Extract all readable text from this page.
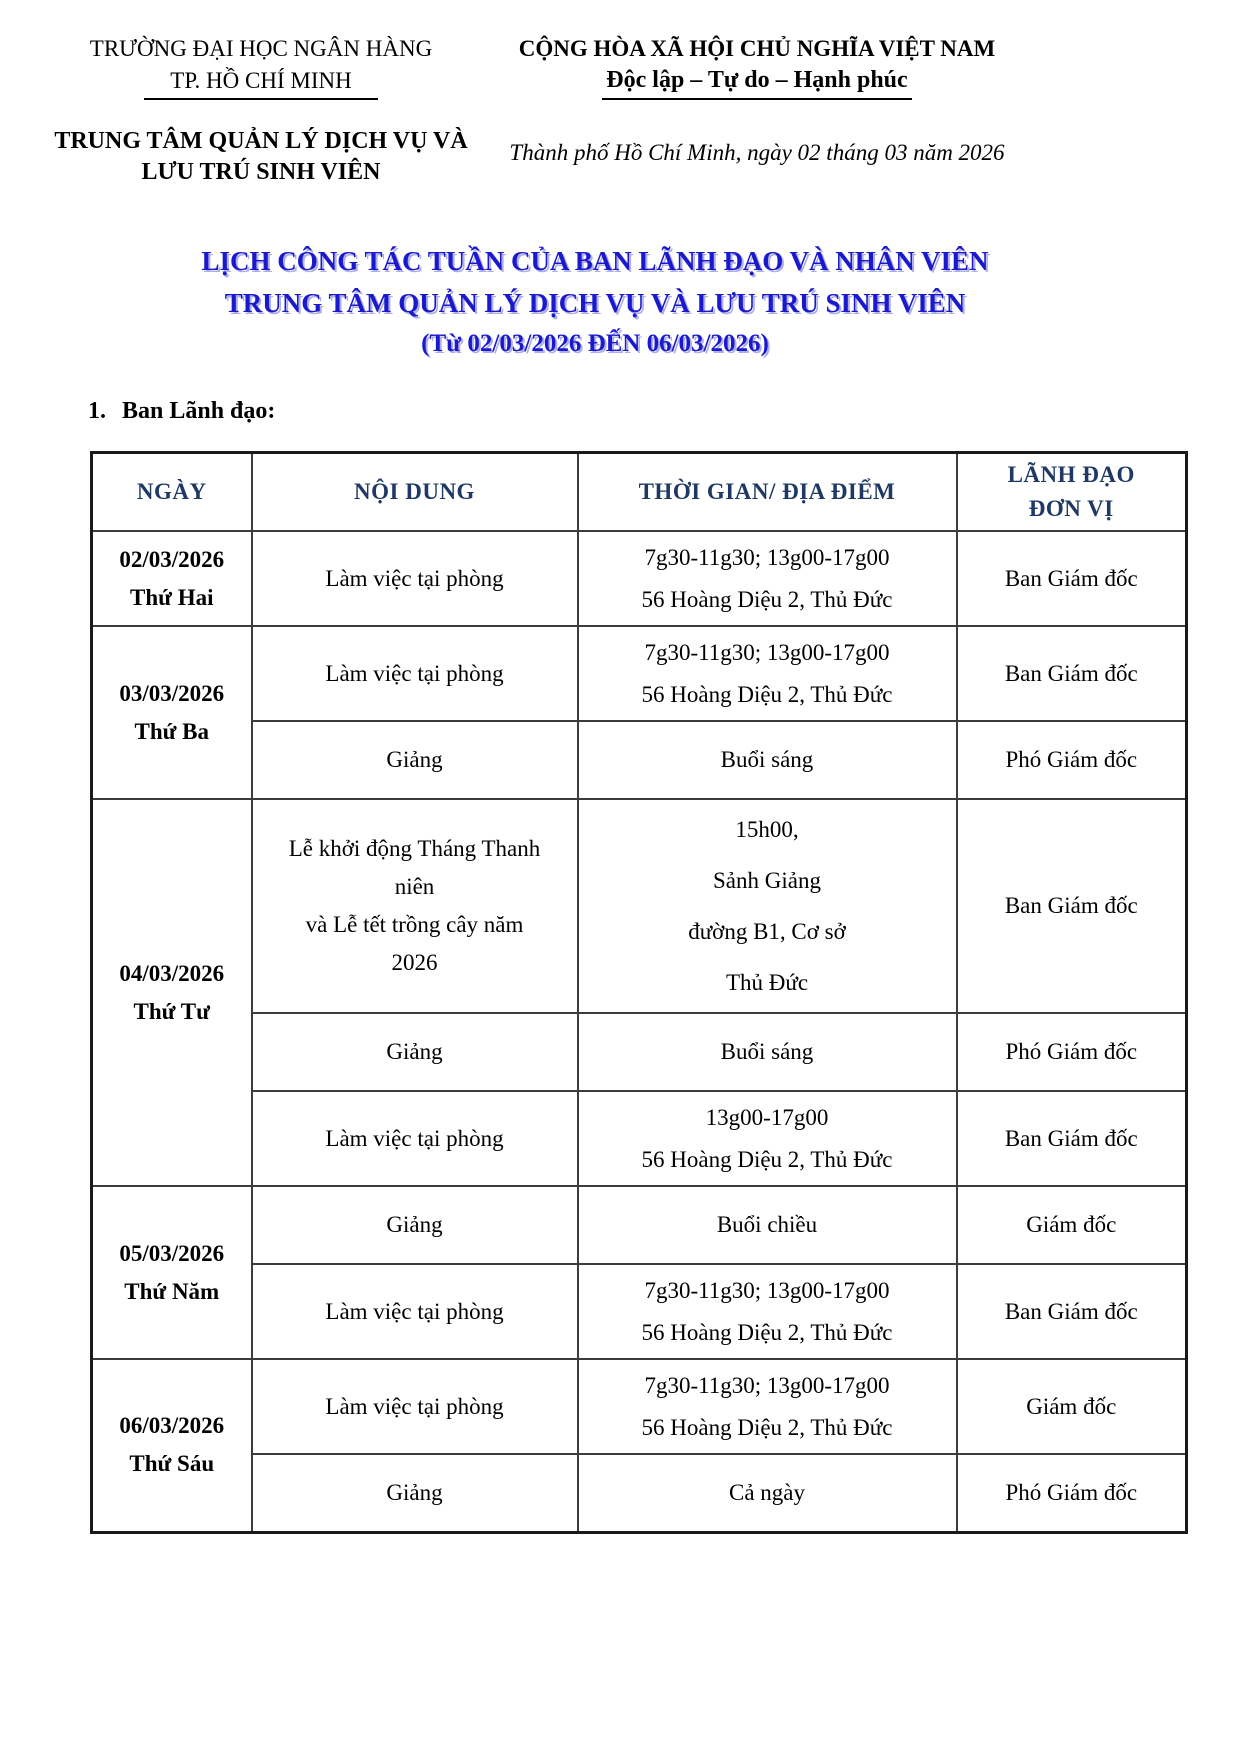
TRƯỜNG ĐẠI HỌC NGÂN HÀNG
TP. HỒ CHÍ MINH
TRUNG TÂM QUẢN LÝ DỊCH VỤ VÀ
LƯU TRÚ SINH VIÊN
CỘNG HÒA XÃ HỘI CHỦ NGHĨA VIỆT NAM
Độc lập – Tự do – Hạnh phúc
Thành phố Hồ Chí Minh, ngày 02 tháng 03 năm 2026
LỊCH CÔNG TÁC TUẦN CỦA BAN LÃNH ĐẠO VÀ NHÂN VIÊN
TRUNG TÂM QUẢN LÝ DỊCH VỤ VÀ LƯU TRÚ SINH VIÊN
(Từ 02/03/2026 ĐẾN 06/03/2026)
1. Ban Lãnh đạo:
NGÀY	NỘI DUNG	THỜI GIAN/ ĐỊA ĐIỂM	LÃNH ĐẠO
ĐƠN VỊ

02/03/2026
Thứ Hai
	Làm việc tại phòng	7g30-11g30; 13g00-17g00
56 Hoàng Diệu 2, Thủ Đức	Ban Giám đốc

03/03/2026
Thứ Ba
	Làm việc tại phòng	7g30-11g30; 13g00-17g00
56 Hoàng Diệu 2, Thủ Đức	Ban Giám đốc
	Giảng	Buổi sáng	Phó Giám đốc

04/03/2026
Thứ Tư
	Lễ khởi động Tháng Thanh
niên
và Lễ tết trồng cây năm
2026	15h00,
Sảnh Giảng
đường B1, Cơ sở
Thủ Đức	Ban Giám đốc
	Giảng	Buổi sáng	Phó Giám đốc
	Làm việc tại phòng	13g00-17g00
56 Hoàng Diệu 2, Thủ Đức	Ban Giám đốc

05/03/2026
Thứ Năm	Giảng	Buổi chiều	Giám đốc
	Làm việc tại phòng	7g30-11g30; 13g00-17g00
56 Hoàng Diệu 2, Thủ Đức	Ban Giám đốc

06/03/2026
Thứ Sáu
	Làm việc tại phòng	7g30-11g30; 13g00-17g00
56 Hoàng Diệu 2, Thủ Đức	Giám đốc
	Giảng	Cả ngày	Phó Giám đốc
